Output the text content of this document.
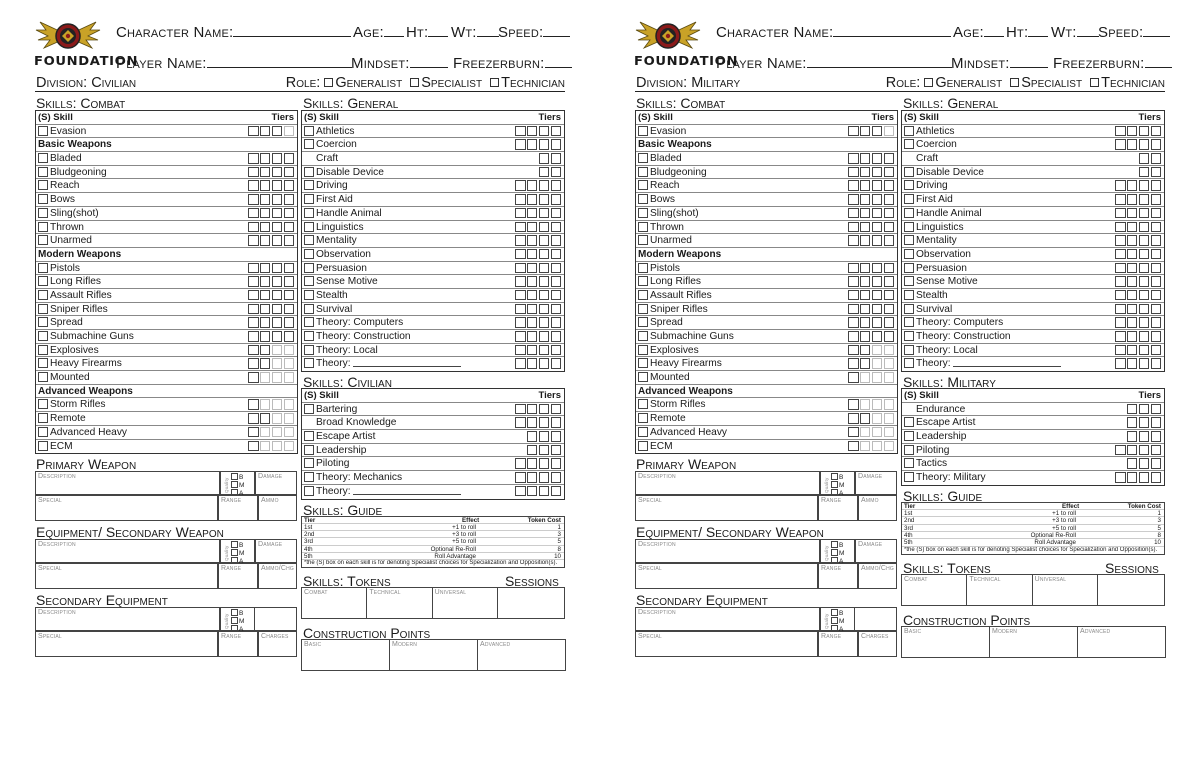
FOUNDATION
Character Name:	Age:	Ht:	Wt:	Speed:
Player Name:	Mindset:	Freezerburn:
Division: Civilian	Role: Generalist Specialist Technician
Skills: Combat
(S) Skill	Tiers
Evasion
Basic Weapons
Bladed
Bludgeoning
Reach
Bows
Sling(shot)
Thrown
Unarmed
Modern Weapons
Pistols
Long Rifles
Assault Rifles
Sniper Rifles
Spread
Submachine Guns
Explosives
Heavy Firearms
Mounted
Advanced Weapons
Storm Rifles
Remote
Advanced Heavy
ECM
Skills: General
(S) Skill	Tiers
Athletics
Coercion
Craft
Disable Device
Driving
First Aid
Handle Animal
Linguistics
Mentality
Observation
Persuasion
Sense Motive
Stealth
Survival
Theory: Computers
Theory: Construction
Theory: Local
Theory:
Skills: Civilian
(S) Skill	Tiers
Bartering
Broad Knowledge
Escape Artist
Leadership
Piloting
Theory: Mechanics
Theory:
Skills: Guide
Tier	Effect	Token Cost
1st	+1 to roll	1
2nd	+3 to roll	3
3rd	+5 to roll	5
4th	Optional Re-Roll	8
5th	Roll Advantage	10
*the (S) box on each skill is for denoting Specialist choices for Specialization and Opposition(s).
Skills: Tokens	Sessions
Combat	Technical	Universal
Construction Points
Basic	Modern	Advanced
Primary Weapon
Description
Quality
B
M
A
Damage
Special	Range	Ammo
Equipment/ Secondary Weapon
Description
Quality
B
M
A
Damage
Special	Range	Ammo/Chg
Secondary Equipment
Description
Quality
B
M
A
Special	Range	Charges
FOUNDATION
Character Name:	Age:	Ht:	Wt:	Speed:
Player Name:	Mindset:	Freezerburn:
Division: Military	Role: Generalist Specialist Technician
Skills: Combat
(S) Skill	Tiers
Evasion
Basic Weapons
Bladed
Bludgeoning
Reach
Bows
Sling(shot)
Thrown
Unarmed
Modern Weapons
Pistols
Long Rifles
Assault Rifles
Sniper Rifles
Spread
Submachine Guns
Explosives
Heavy Firearms
Mounted
Advanced Weapons
Storm Rifles
Remote
Advanced Heavy
ECM
Skills: General
(S) Skill	Tiers
Athletics
Coercion
Craft
Disable Device
Driving
First Aid
Handle Animal
Linguistics
Mentality
Observation
Persuasion
Sense Motive
Stealth
Survival
Theory: Computers
Theory: Construction
Theory: Local
Theory:
Skills: Military
(S) Skill	Tiers
Endurance
Escape Artist
Leadership
Piloting
Tactics
Theory: Military
Skills: Guide
Tier	Effect	Token Cost
1st	+1 to roll	1
2nd	+3 to roll	3
3rd	+5 to roll	5
4th	Optional Re-Roll	8
5th	Roll Advantage	10
*the (S) box on each skill is for denoting Specialist choices for Specialization and Opposition(s).
Skills: Tokens	Sessions
Combat	Technical	Universal
Construction Points
Basic	Modern	Advanced
Primary Weapon
Description
Quality
B
M
A
Damage
Special	Range	Ammo
Equipment/ Secondary Weapon
Description
Quality
B
M
A
Damage
Special	Range	Ammo/Chg
Secondary Equipment
Description
Quality
B
M
A
Special	Range	Charges
